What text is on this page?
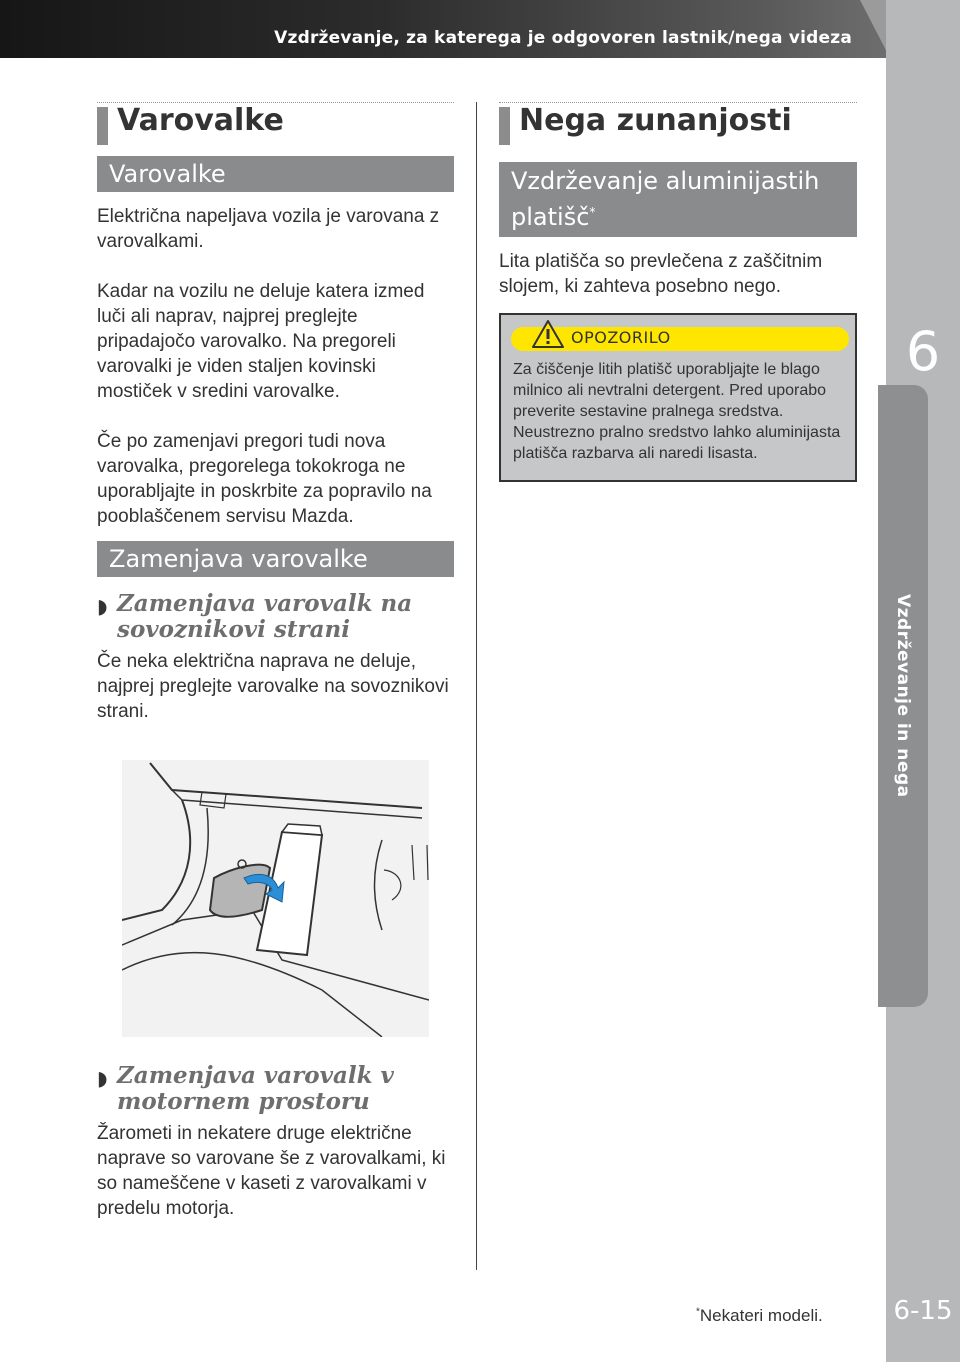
Vzdrževanje, za katerega je odgovoren lastnik/nega videza
6
Vzdrževanje in nega
6-15
Varovalke
Varovalke

Električna napeljava vozila je varovana z varovalkami.

Kadar na vozilu ne deluje katera izmed luči ali naprav, najprej preglejte pripadajočo varovalko. Na pregoreli varovalki je viden staljen kovinski mostiček v sredini varovalke.

Če po zamenjavi pregori tudi nova varovalka, pregorelega tokokroga ne uporabljajte in poskrbite za popravilo na pooblaščenem servisu Mazda.

Zamenjava varovalke
◗ Zamenjava varovalk na sovoznikovi strani

Če neka električna naprava ne deluje, najprej preglejte varovalke na sovoznikovi strani.

◗ Zamenjava varovalk v motornem prostoru

Žarometi in nekatere druge električne naprave so varovane še z varovalkami, ki so nameščene v kaseti z varovalkami v predelu motorja.

Nega zunanjosti
Vzdrževanje aluminijastih platišč*

Lita platišča so prevlečena z zaščitnim slojem, ki zahteva posebno nego.

OPOZORILO

Za čiščenje litih platišč uporabljajte le blago milnico ali nevtralni detergent. Pred uporabo preverite sestavine pralnega sredstva. Neustrezno pralno sredstvo lahko aluminijasta platišča razbarva ali naredi lisasta.

*Nekateri modeli.
